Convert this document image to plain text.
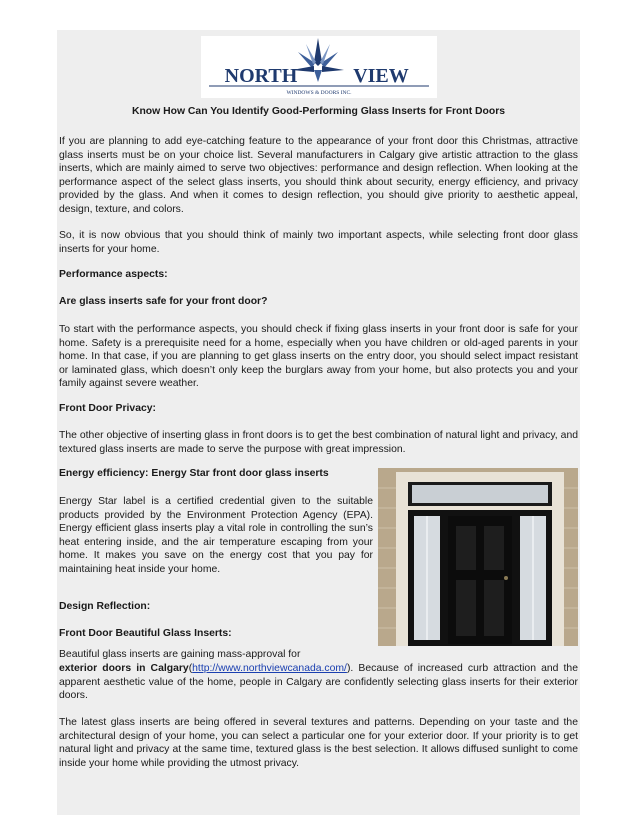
NORTH	VIEW
WINDOWS & DOORS INC.
Know How Can You Identify Good-Performing Glass Inserts for Front Doors
If you are planning to add eye-catching feature to the appearance of your front door this Christmas, attractive glass inserts must be on your choice list. Several manufacturers in Calgary give artistic attraction to the glass inserts, which are mainly aimed to serve two objectives: performance and design reflection. When looking at the performance aspect of the select glass inserts, you should think about security, energy efficiency, and privacy provided by the glass. And when it comes to design reflection, you should give priority to aesthetic appeal, design, texture, and colors.
So, it is now obvious that you should think of mainly two important aspects, while selecting front door glass inserts for your home.
Performance aspects:
Are glass inserts safe for your front door?
To start with the performance aspects, you should check if fixing glass inserts in your front door is safe for your home. Safety is a prerequisite need for a home, especially when you have children or old-aged parents in your home. In that case, if you are planning to get glass inserts on the entry door, you should select impact resistant or laminated glass, which doesn’t only keep the burglars away from your home, but also protects you and your family against severe weather.
Front Door Privacy:
The other objective of inserting glass in front doors is to get the best combination of natural light and privacy, and textured glass inserts are made to serve the purpose with great impression.
Energy efficiency: Energy Star front door glass inserts
Energy Star label is a certified credential given to the suitable products provided by the Environment Protection Agency (EPA). Energy efficient glass inserts play a vital role in controlling the sun’s heat entering inside, and the air temperature escaping from your home. It makes you save on the energy cost that you pay for maintaining heat inside your home.
Design Reflection:
Front Door Beautiful Glass Inserts:
Beautiful glass inserts are gaining mass-approval for
exterior doors in Calgary(http://www.northviewcanada.com/). Because of increased curb attraction and the apparent aesthetic value of the home, people in Calgary are confidently selecting glass inserts for their exterior doors.
The latest glass inserts are being offered in several textures and patterns. Depending on your taste and the architectural design of your home, you can select a particular one for your exterior door. If your priority is to get natural light and privacy at the same time, textured glass is the best selection. It allows diffused sunlight to come inside your home while providing the utmost privacy.
